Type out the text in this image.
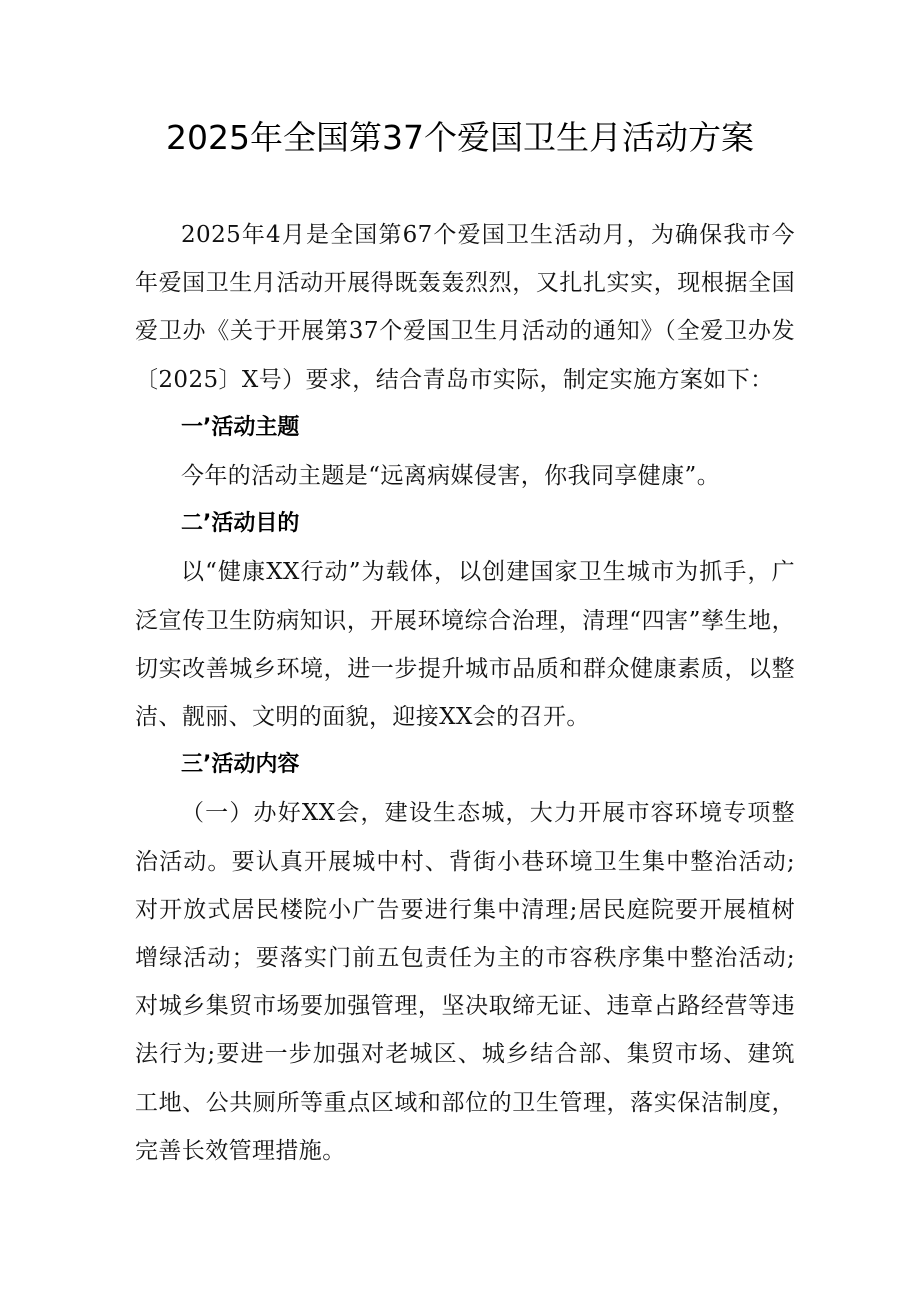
2025年全国第37个爱国卫生月活动方案

2025年4月是全国第67个爱国卫生活动月，为确保我市今年爱国卫生月活动开展得既轰轰烈烈，又扎扎实实，现根据全国爱卫办《关于开展第37个爱国卫生月活动的通知》（全爱卫办发〔2025〕X号）要求，结合青岛市实际，制定实施方案如下：

一’活动主题

今年的活动主题是“远离病媒侵害，你我同享健康”。

二’活动目的

以“健康XX行动”为载体，以创建国家卫生城市为抓手，广泛宣传卫生防病知识，开展环境综合治理，清理“四害”孳生地，切实改善城乡环境，进一步提升城市品质和群众健康素质，以整洁、靓丽、文明的面貌，迎接XX会的召开。

三’活动内容

（一）办好XX会，建设生态城，大力开展市容环境专项整治活动。要认真开展城中村、背街小巷环境卫生集中整治活动;对开放式居民楼院小广告要进行集中清理;居民庭院要开展植树增绿活动；要落实门前五包责任为主的市容秩序集中整治活动;对城乡集贸市场要加强管理，坚决取缔无证、违章占路经营等违法行为;要进一步加强对老城区、城乡结合部、集贸市场、建筑工地、公共厕所等重点区域和部位的卫生管理，落实保洁制度，完善长效管理措施。
